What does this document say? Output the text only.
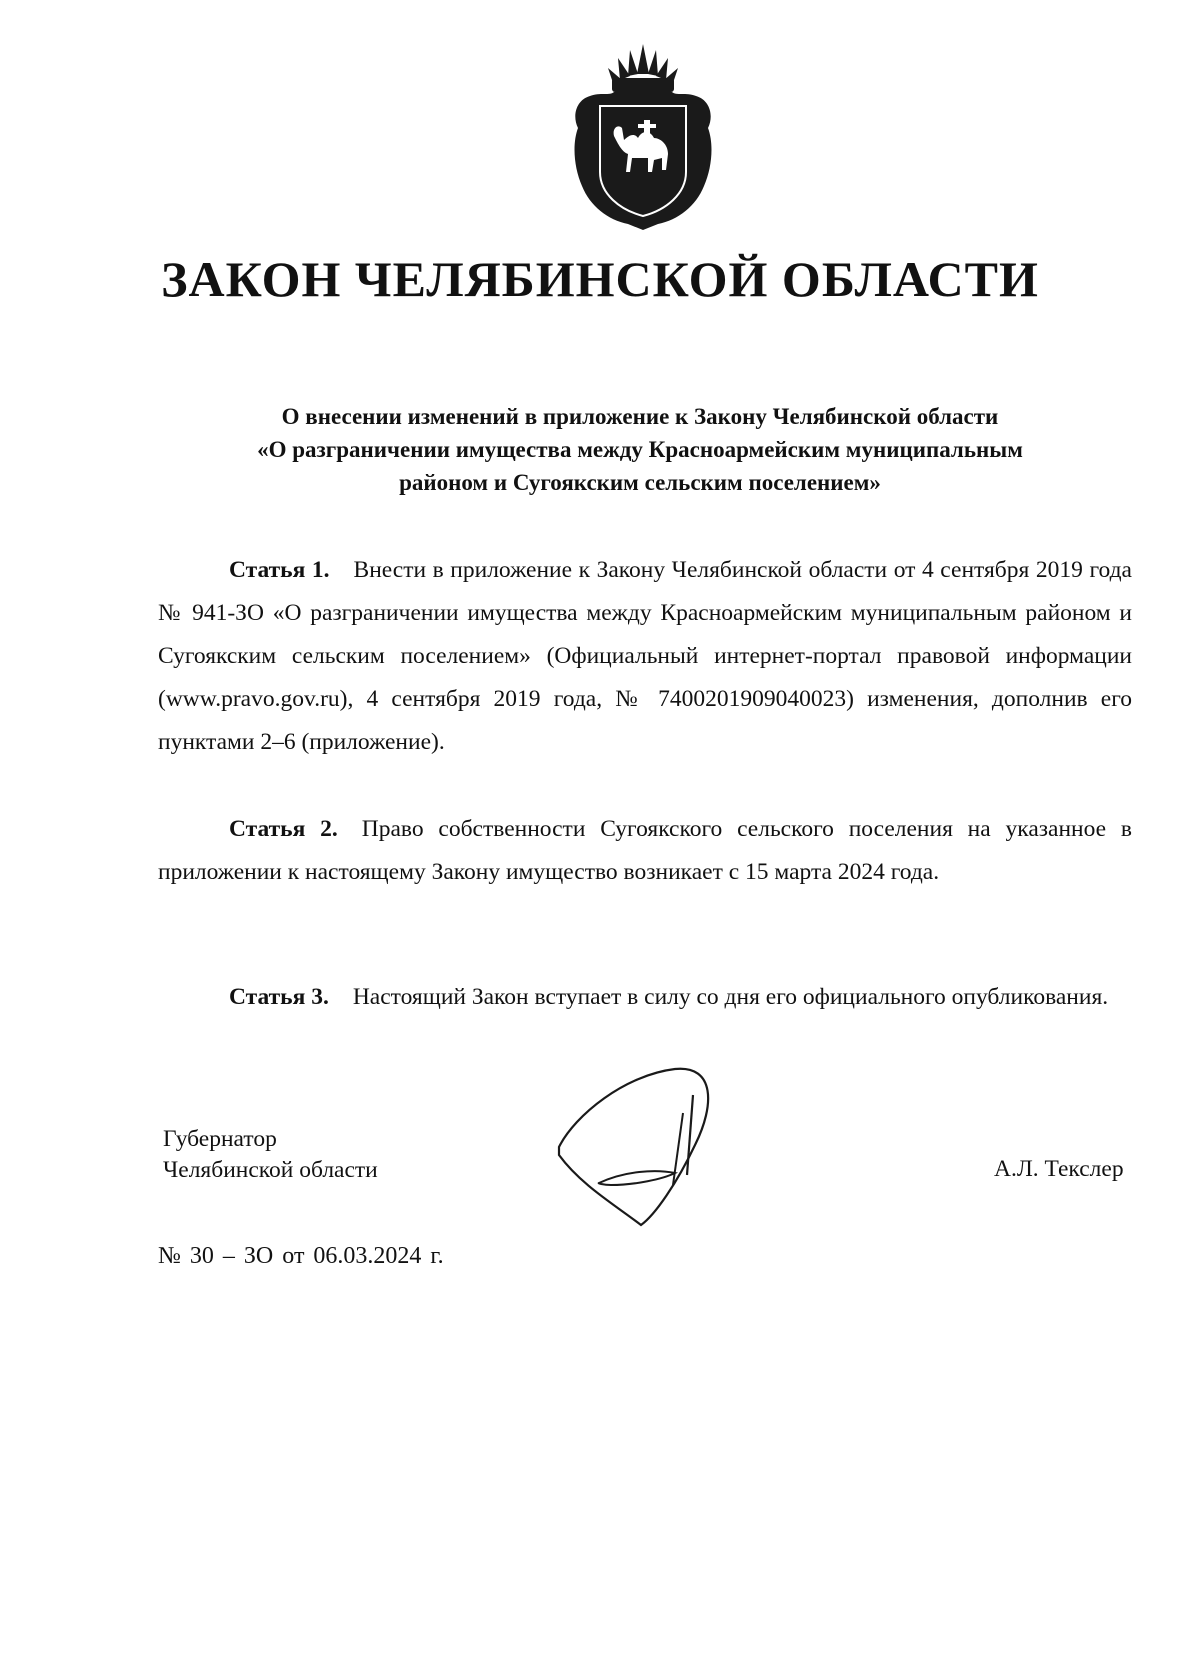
ЗАКОН ЧЕЛЯБИНСКОЙ ОБЛАСТИ
О внесении изменений в приложение к Закону Челябинской области
«О разграничении имущества между Красноармейским муниципальным
районом и Сугоякским сельским поселением»
Статья 1. Внести в приложение к Закону Челябинской области от 4 сентября 2019 года № 941-ЗО «О разграничении имущества между Красноармейским муниципальным районом и Сугоякским сельским поселением» (Официальный интернет-портал правовой информации (www.pravo.gov.ru), 4 сентября 2019 года, № 7400201909040023) изменения, дополнив его пунктами 2–6 (приложение).
Статья 2. Право собственности Сугоякского сельского поселения на указанное в приложении к настоящему Закону имущество возникает с 15 марта 2024 года.
Статья 3. Настоящий Закон вступает в силу со дня его официального опубликования.
Губернатор
Челябинской области	А.Л. Текслер
№ 30 – ЗО от 06.03.2024 г.
